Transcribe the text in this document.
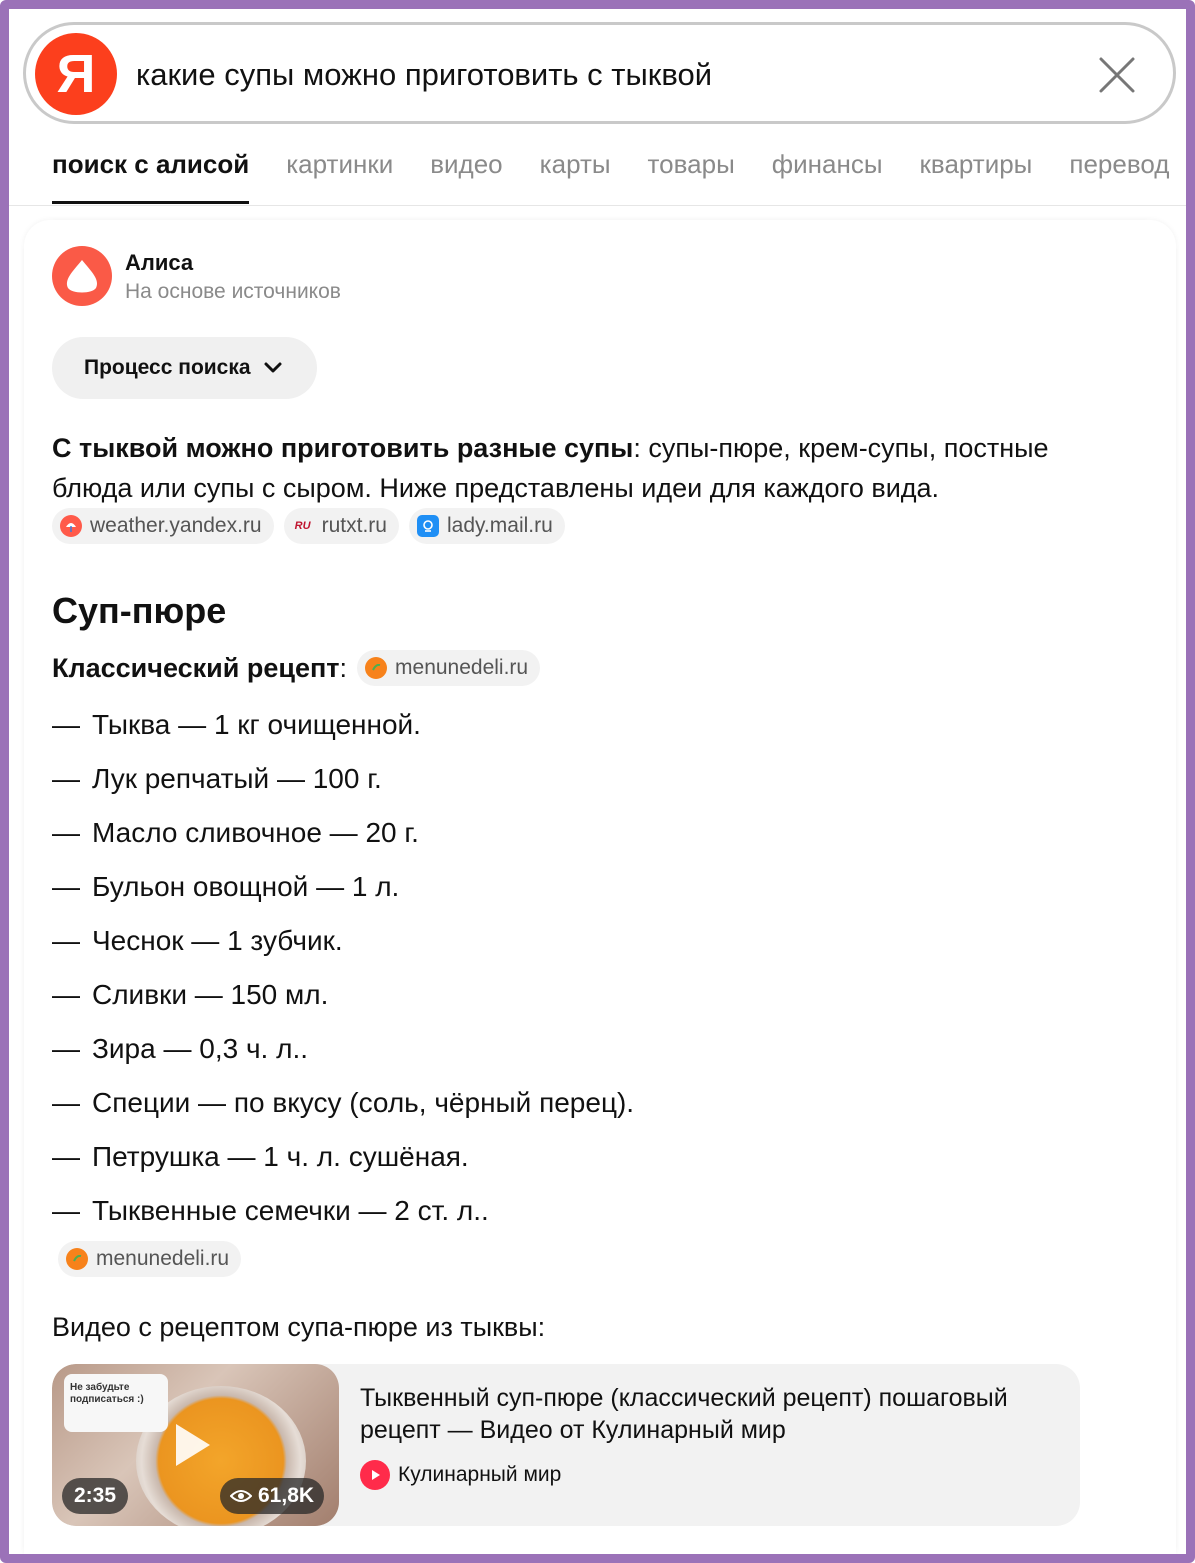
Я
какие супы можно приготовить с тыквой
поиск с алисой картинки видео карты товары финансы квартиры перевод
Алиса
На основе источников
Процесс поиска
С тыквой можно приготовить разные супы: супы-пюре, крем-супы, постные блюда или супы с сыром. Ниже представлены идеи для каждого вида.
weather.yandex.ru	RU rutxt.ru	lady.mail.ru
Суп-пюре
Классический рецепт : menunedeli.ru
— Тыква — 1 кг очищенной.
— Лук репчатый — 100 г.
— Масло сливочное — 20 г.
— Бульон овощной — 1 л.
— Чеснок — 1 зубчик.
— Сливки — 150 мл.
— Зира — 0,3 ч. л..
— Специи — по вкусу (соль, чёрный перец).
— Петрушка — 1 ч. л. сушёная.
— Тыквенные семечки — 2 ст. л..
menunedeli.ru
Видео с рецептом супа-пюре из тыквы:
Не забудьте подписаться :)
2:35	61,8K
Тыквенный суп-пюре (классический рецепт) пошаговый рецепт — Видео от Кулинарный мир
Кулинарный мир
